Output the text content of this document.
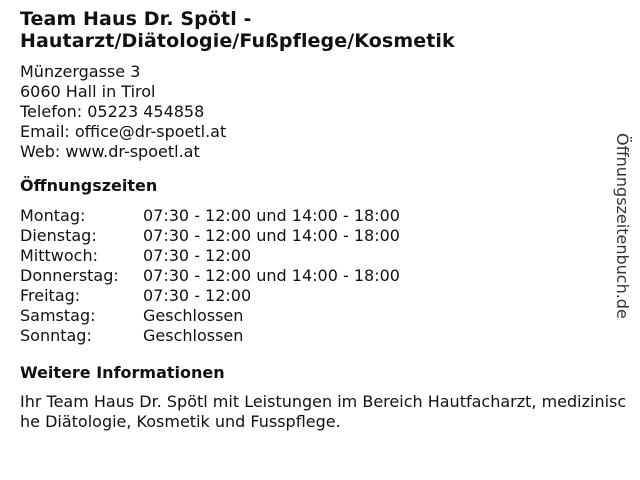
Team Haus Dr. Spötl - Hautarzt/Diätologie/Fußpflege/Kosmetik
Münzergasse 3
6060 Hall in Tirol
Telefon: 05223 454858
Email: office@dr-spoetl.at
Web: www.dr-spoetl.at
Öffnungszeiten
Montag:	07:30 - 12:00 und 14:00 - 18:00
Dienstag:	07:30 - 12:00 und 14:00 - 18:00
Mittwoch:	07:30 - 12:00
Donnerstag:	07:30 - 12:00 und 14:00 - 18:00
Freitag:	07:30 - 12:00
Samstag:	Geschlossen
Sonntag:	Geschlossen
Weitere Informationen
Ihr Team Haus Dr. Spötl mit Leistungen im Bereich Hautfacharzt, medizinische Diätologie, Kosmetik und Fusspflege.
Öffnungszeitenbuch.de
